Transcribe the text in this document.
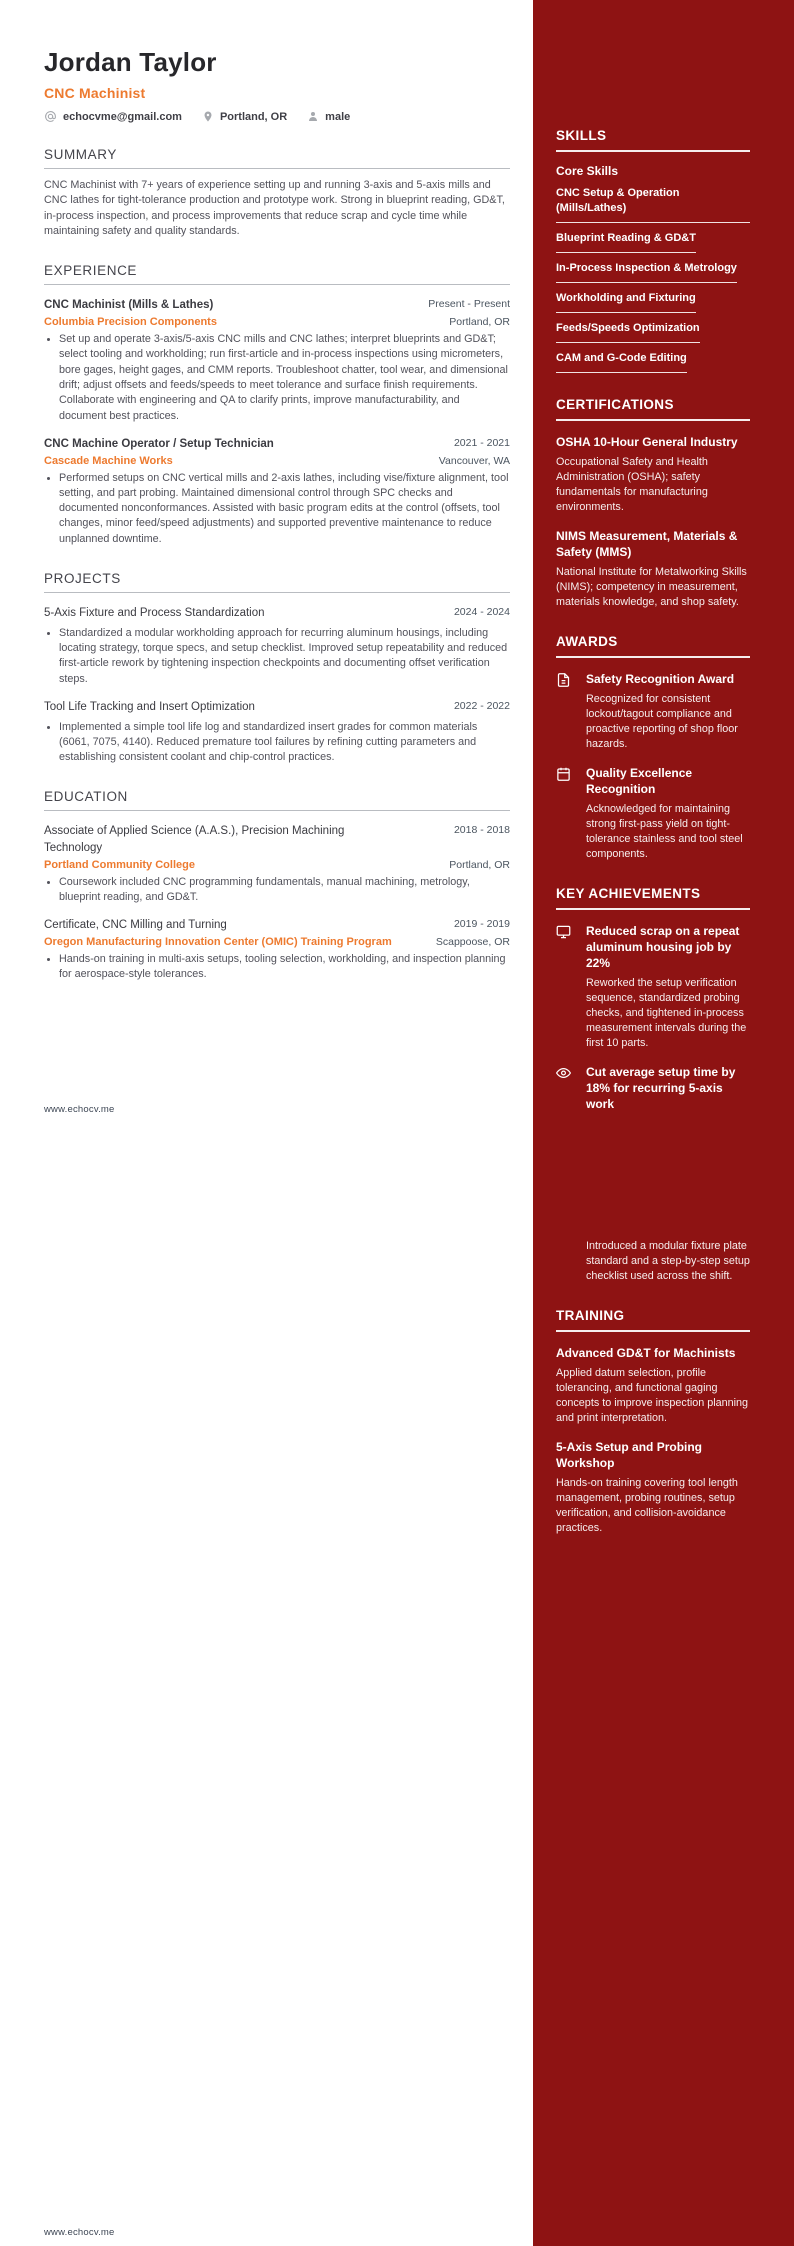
Jordan Taylor
CNC Machinist
echocvme@gmail.com	Portland, OR	male
SUMMARY

CNC Machinist with 7+ years of experience setting up and running 3-axis and 5-axis mills and CNC lathes for tight-tolerance production and prototype work. Strong in blueprint reading, GD&T, in-process inspection, and process improvements that reduce scrap and cycle time while maintaining safety and quality standards.

EXPERIENCE
CNC Machinist (Mills & Lathes)	Present - Present
Columbia Precision Components	Portland, OR
• Set up and operate 3-axis/5-axis CNC mills and CNC lathes; interpret blueprints and GD&T; select tooling and workholding; run first-article and in-process inspections using micrometers, bore gages, height gages, and CMM reports. Troubleshoot chatter, tool wear, and dimensional drift; adjust offsets and feeds/speeds to meet tolerance and surface finish requirements. Collaborate with engineering and QA to clarify prints, improve manufacturability, and document best practices.
CNC Machine Operator / Setup Technician	2021 - 2021
Cascade Machine Works	Vancouver, WA
• Performed setups on CNC vertical mills and 2-axis lathes, including vise/fixture alignment, tool setting, and part probing. Maintained dimensional control through SPC checks and documented nonconformances. Assisted with basic program edits at the control (offsets, tool changes, minor feed/speed adjustments) and supported preventive maintenance to reduce unplanned downtime.
PROJECTS
5-Axis Fixture and Process Standardization	2024 - 2024
• Standardized a modular workholding approach for recurring aluminum housings, including locating strategy, torque specs, and setup checklist. Improved setup repeatability and reduced first-article rework by tightening inspection checkpoints and documenting offset verification steps.
Tool Life Tracking and Insert Optimization	2022 - 2022
• Implemented a simple tool life log and standardized insert grades for common materials (6061, 7075, 4140). Reduced premature tool failures by refining cutting parameters and establishing consistent coolant and chip-control practices.
EDUCATION
Associate of Applied Science (A.A.S.), Precision Machining Technology
2018 - 2018
Portland Community College	Portland, OR
• Coursework included CNC programming fundamentals, manual machining, metrology, blueprint reading, and GD&T.
Certificate, CNC Milling and Turning	2019 - 2019
Oregon Manufacturing Innovation Center (OMIC) Training Program	Scappoose, OR
• Hands-on training in multi-axis setups, tooling selection, workholding, and inspection planning for aerospace-style tolerances.
SKILLS
Core Skills
CNC Setup & Operation (Mills/Lathes)
Blueprint Reading & GD&T
In-Process Inspection & Metrology
Workholding and Fixturing
Feeds/Speeds Optimization
CAM and G-Code Editing
CERTIFICATIONS
OSHA 10-Hour General Industry

Occupational Safety and Health Administration (OSHA); safety fundamentals for manufacturing environments.

NIMS Measurement, Materials & Safety (MMS)

National Institute for Metalworking Skills (NIMS); competency in measurement, materials knowledge, and shop safety.

AWARDS
Safety Recognition Award

Recognized for consistent lockout/tagout compliance and proactive reporting of shop floor hazards.

Quality Excellence Recognition

Acknowledged for maintaining strong first-pass yield on tight-tolerance stainless and tool steel components.

KEY ACHIEVEMENTS
Reduced scrap on a repeat aluminum housing job by 22%

Reworked the setup verification sequence, standardized probing checks, and tightened in-process measurement intervals during the first 10 parts.

Cut average setup time by 18% for recurring 5-axis work

Introduced a modular fixture plate standard and a step-by-step setup checklist used across the shift.

TRAINING
Advanced GD&T for Machinists

Applied datum selection, profile tolerancing, and functional gaging concepts to improve inspection planning and print interpretation.

5-Axis Setup and Probing Workshop

Hands-on training covering tool length management, probing routines, setup verification, and collision-avoidance practices.

www.echocv.me
www.echocv.me
